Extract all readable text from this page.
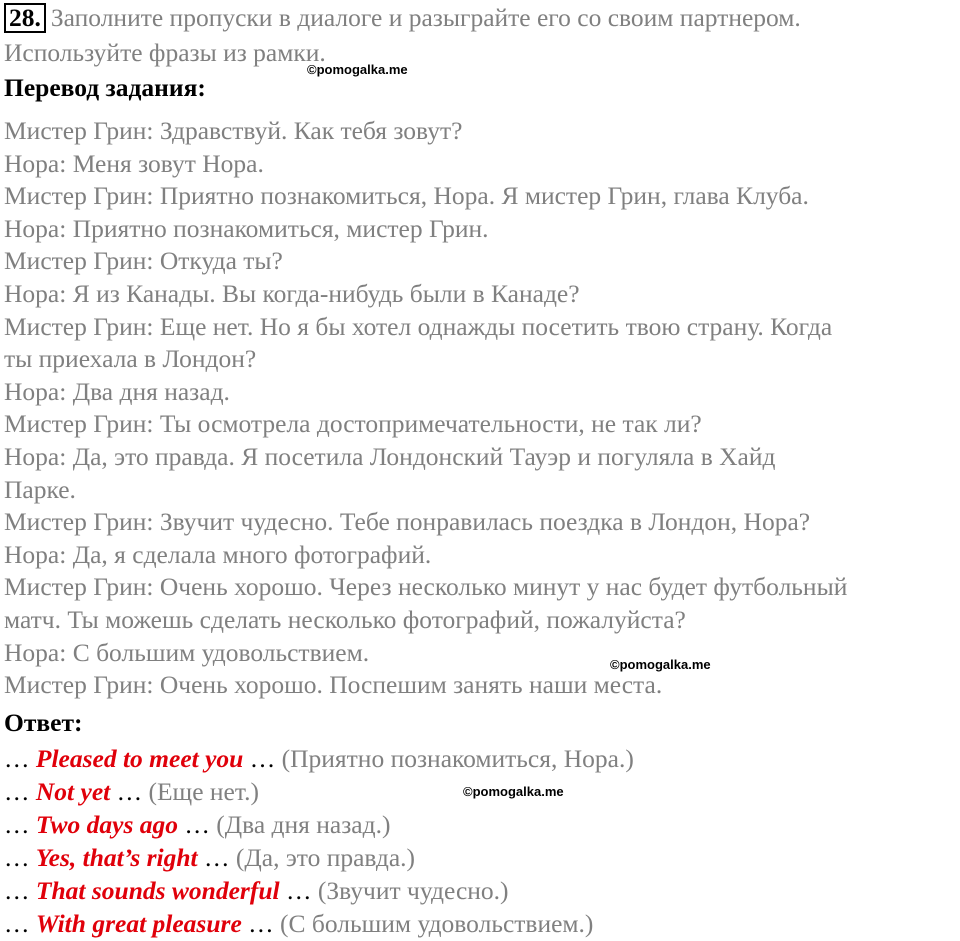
28. Заполните пропуски в диалоге и разыграйте его со своим партнером.
Используйте фразы из рамки.
©pomogalka.me
Перевод задания:
Мистер Грин: Здравствуй. Как тебя зовут?
Нора: Меня зовут Нора.
Мистер Грин: Приятно познакомиться, Нора. Я мистер Грин, глава Клуба.
Нора: Приятно познакомиться, мистер Грин.
Мистер Грин: Откуда ты?
Нора: Я из Канады. Вы когда-нибудь были в Канаде?
Мистер Грин: Еще нет. Но я бы хотел однажды посетить твою страну. Когда
ты приехала в Лондон?
Нора: Два дня назад.
Мистер Грин: Ты осмотрела достопримечательности, не так ли?
Нора: Да, это правда. Я посетила Лондонский Тауэр и погуляла в Хайд
Парке.
Мистер Грин: Звучит чудесно. Тебе понравилась поездка в Лондон, Нора?
Нора: Да, я сделала много фотографий.
Мистер Грин: Очень хорошо. Через несколько минут у нас будет футбольный
матч. Ты можешь сделать несколько фотографий, пожалуйста?
Нора: С большим удовольствием.
Мистер Грин: Очень хорошо. Поспешим занять наши места.
©pomogalka.me
Ответ:
… Pleased to meet you … (Приятно познакомиться, Нора.)
… Not yet … (Еще нет.)
… Two days ago … (Два дня назад.)
… Yes, that’s right … (Да, это правда.)
… That sounds wonderful … (Звучит чудесно.)
… With great pleasure … (С большим удовольствием.)
©pomogalka.me
